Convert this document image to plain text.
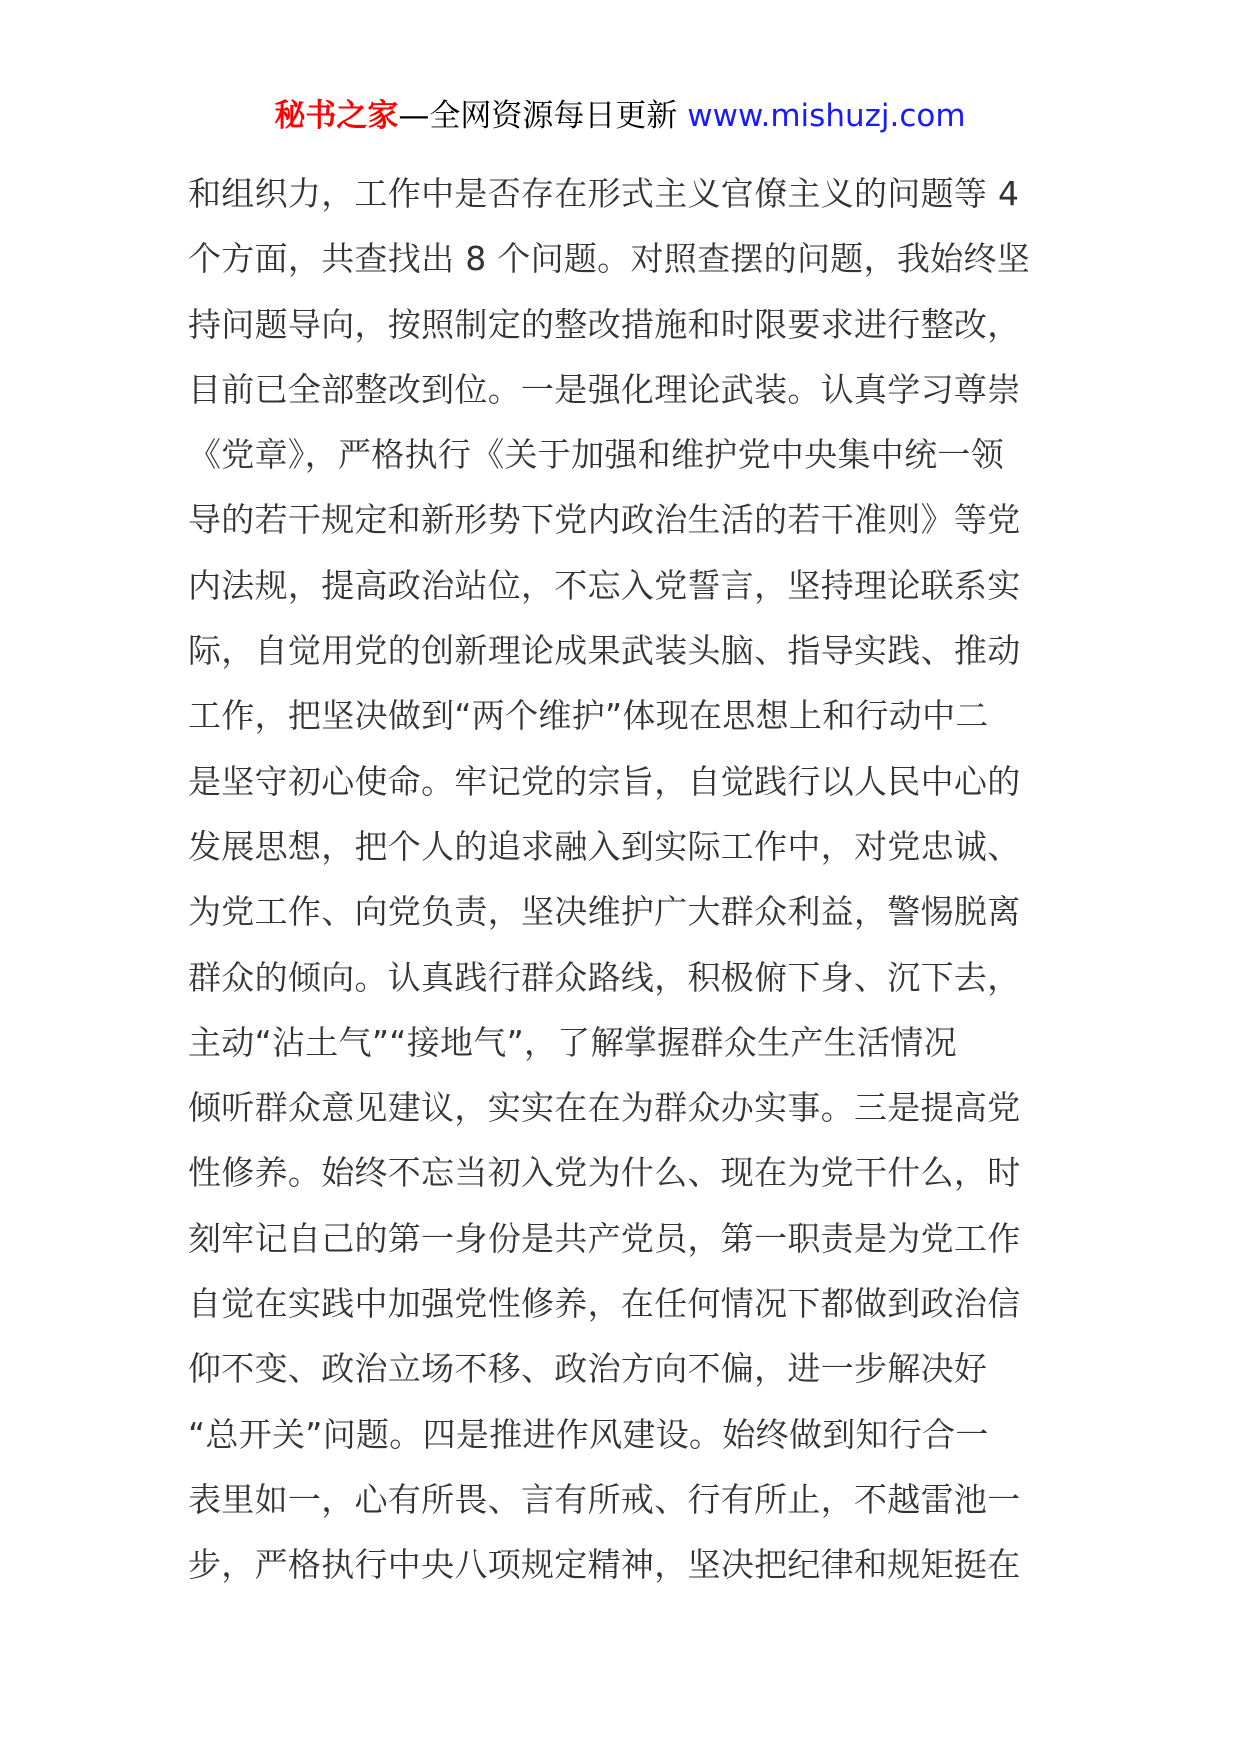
秘书之家—全网资源每日更新 www.mishuzj.com
和组织力，工作中是否存在形式主义官僚主义的问题等 4
个方面，共查找出 8 个问题。对照查摆的问题，我始终坚
持问题导向，按照制定的整改措施和时限要求进行整改，
目前已全部整改到位。一是强化理论武装。认真学习尊崇
《党章》，严格执行《关于加强和维护党中央集中统一领
导的若干规定和新形势下党内政治生活的若干准则》等党
内法规，提高政治站位，不忘入党誓言，坚持理论联系实
际，自觉用党的创新理论成果武装头脑、指导实践、推动
工作，把坚决做到“两个维护”体现在思想上和行动中二
是坚守初心使命。牢记党的宗旨，自觉践行以人民中心的
发展思想，把个人的追求融入到实际工作中，对党忠诚、
为党工作、向党负责，坚决维护广大群众利益，警惕脱离
群众的倾向。认真践行群众路线，积极俯下身、沉下去，
主动“沾土气”“接地气”，了解掌握群众生产生活情况
倾听群众意见建议，实实在在为群众办实事。三是提高党
性修养。始终不忘当初入党为什么、现在为党干什么，时
刻牢记自己的第一身份是共产党员，第一职责是为党工作
自觉在实践中加强党性修养，在任何情况下都做到政治信
仰不变、政治立场不移、政治方向不偏，进一步解决好
“总开关”问题。四是推进作风建设。始终做到知行合一
表里如一，心有所畏、言有所戒、行有所止，不越雷池一
步，严格执行中央八项规定精神，坚决把纪律和规矩挺在
